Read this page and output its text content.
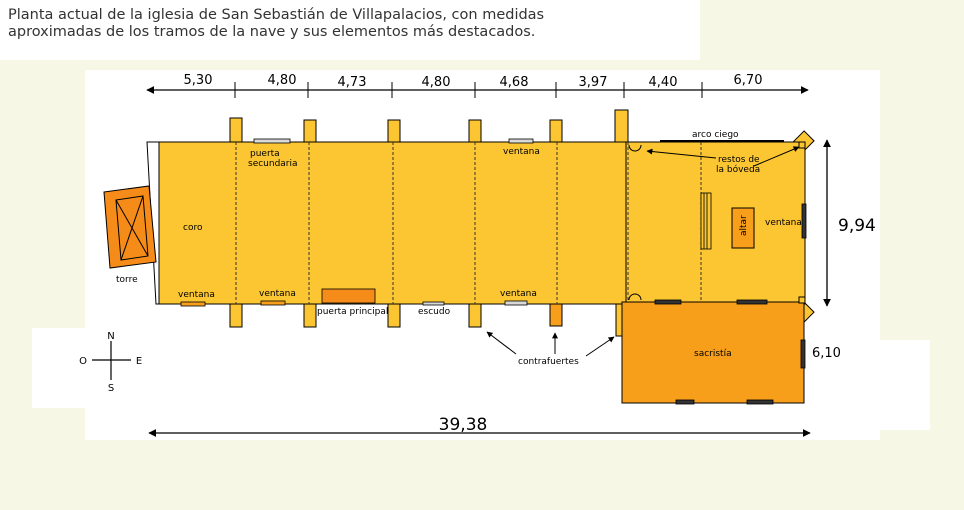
Planta actual de la iglesia de San Sebastián de Villapalacios, con medidas
aproximadas de los tramos de la nave y sus elementos más destacados.

5,30	4,80	4,73	4,80	4,68	3,97	4,40	6,70
coro
torre
puerta
secundaria
ventana
ventana	ventana	ventana
ventana
puerta principal	escudo
arco ciego
restos de
la bóveda
altar
sacristía
contrafuertes
9,94
6,10
39,38
N
S
E
O
